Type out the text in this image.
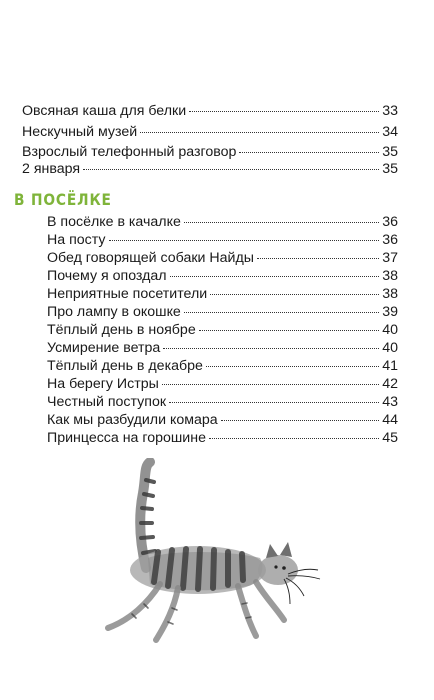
Овсяная каша для белки	33
Нескучный музей	34
Взрослый телефонный разговор	35
2 января	35
В ПОСЁЛКЕ
В посёлке в качалке	36
На посту	36
Обед говорящей собаки Найды	37
Почему я опоздал	38
Неприятные посетители	38
Про лампу в окошке	39
Тёплый день в ноябре	40
Усмирение ветра	40
Тёплый день в декабре	41
На берегу Истры	42
Честный поступок	43
Как мы разбудили комара	44
Принцесса на горошине	45
